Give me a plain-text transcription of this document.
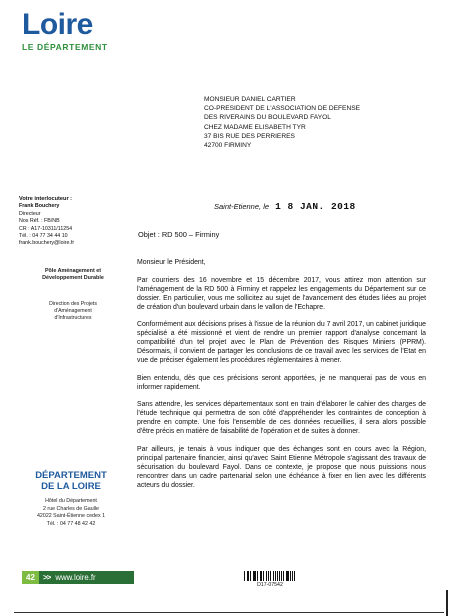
Loire
LE DÉPARTEMENT
MONSIEUR DANIEL CARTIER
CO-PRESIDENT DE L'ASSOCIATION DE DEFENSE
DES RIVERAINS DU BOULEVARD FAYOL
CHEZ MADAME ELISABETH TYR
37 BIS RUE DES PERRIERES
42700 FIRMINY
Saint-Etienne, le 1 8 JAN. 2018
Votre interlocuteur :
Frank Bouchery
Directeur
Nos Réf. : FB/NB
CR : A17-10311/11254
Tél. : 04 77 34 44 10
frank.bouchery@loire.fr
Pôle Aménagement et
Développement Durable
Direction des Projets
d'Aménagement
d'Infrastructures
DÉPARTEMENT
DE LA LOIRE
Hôtel du Département
2 rue Charles de Gaulle
42022 Saint-Étienne cedex 1
Tél. : 04 77 48 42 42
Objet : RD 500 – Firminy

Monsieur le Président,

Par courriers des 16 novembre et 15 décembre 2017, vous attirez mon attention sur l'aménagement de la RD 500 à Firminy et rappelez les engagements du Département sur ce dossier. En particulier, vous me sollicitez au sujet de l'avancement des études liées au projet de création d'un boulevard urbain dans le vallon de l'Echapre.

Conformément aux décisions prises à l'issue de la réunion du 7 avril 2017, un cabinet juridique spécialisé a été missionné et vient de rendre un premier rapport d'analyse concernant la compatibilité d'un tel projet avec le Plan de Prévention des Risques Miniers (PPRM). Désormais, il convient de partager les conclusions de ce travail avec les services de l'Etat en vue de préciser également les procédures réglementaires à mener.

Bien entendu, dès que ces précisions seront apportées, je ne manquerai pas de vous en informer rapidement.

Sans attendre, les services départementaux sont en train d'élaborer le cahier des charges de l'étude technique qui permettra de son côté d'appréhender les contraintes de conception à prendre en compte. Une fois l'ensemble de ces données recueillies, il sera alors possible d'être précis en matière de faisabilité de l'opération et de suites à donner.

Par ailleurs, je tenais à vous indiquer que des échanges sont en cours avec la Région, principal partenaire financier, ainsi qu'avec Saint Etienne Métropole s'agissant des travaux de sécurisation du boulevard Fayol. Dans ce contexte, je propose que nous puissions nous rencontrer dans un cadre partenarial selon une échéance à fixer en lien avec les différents acteurs du dossier.

42	>> www.loire.fr
D17-07542
